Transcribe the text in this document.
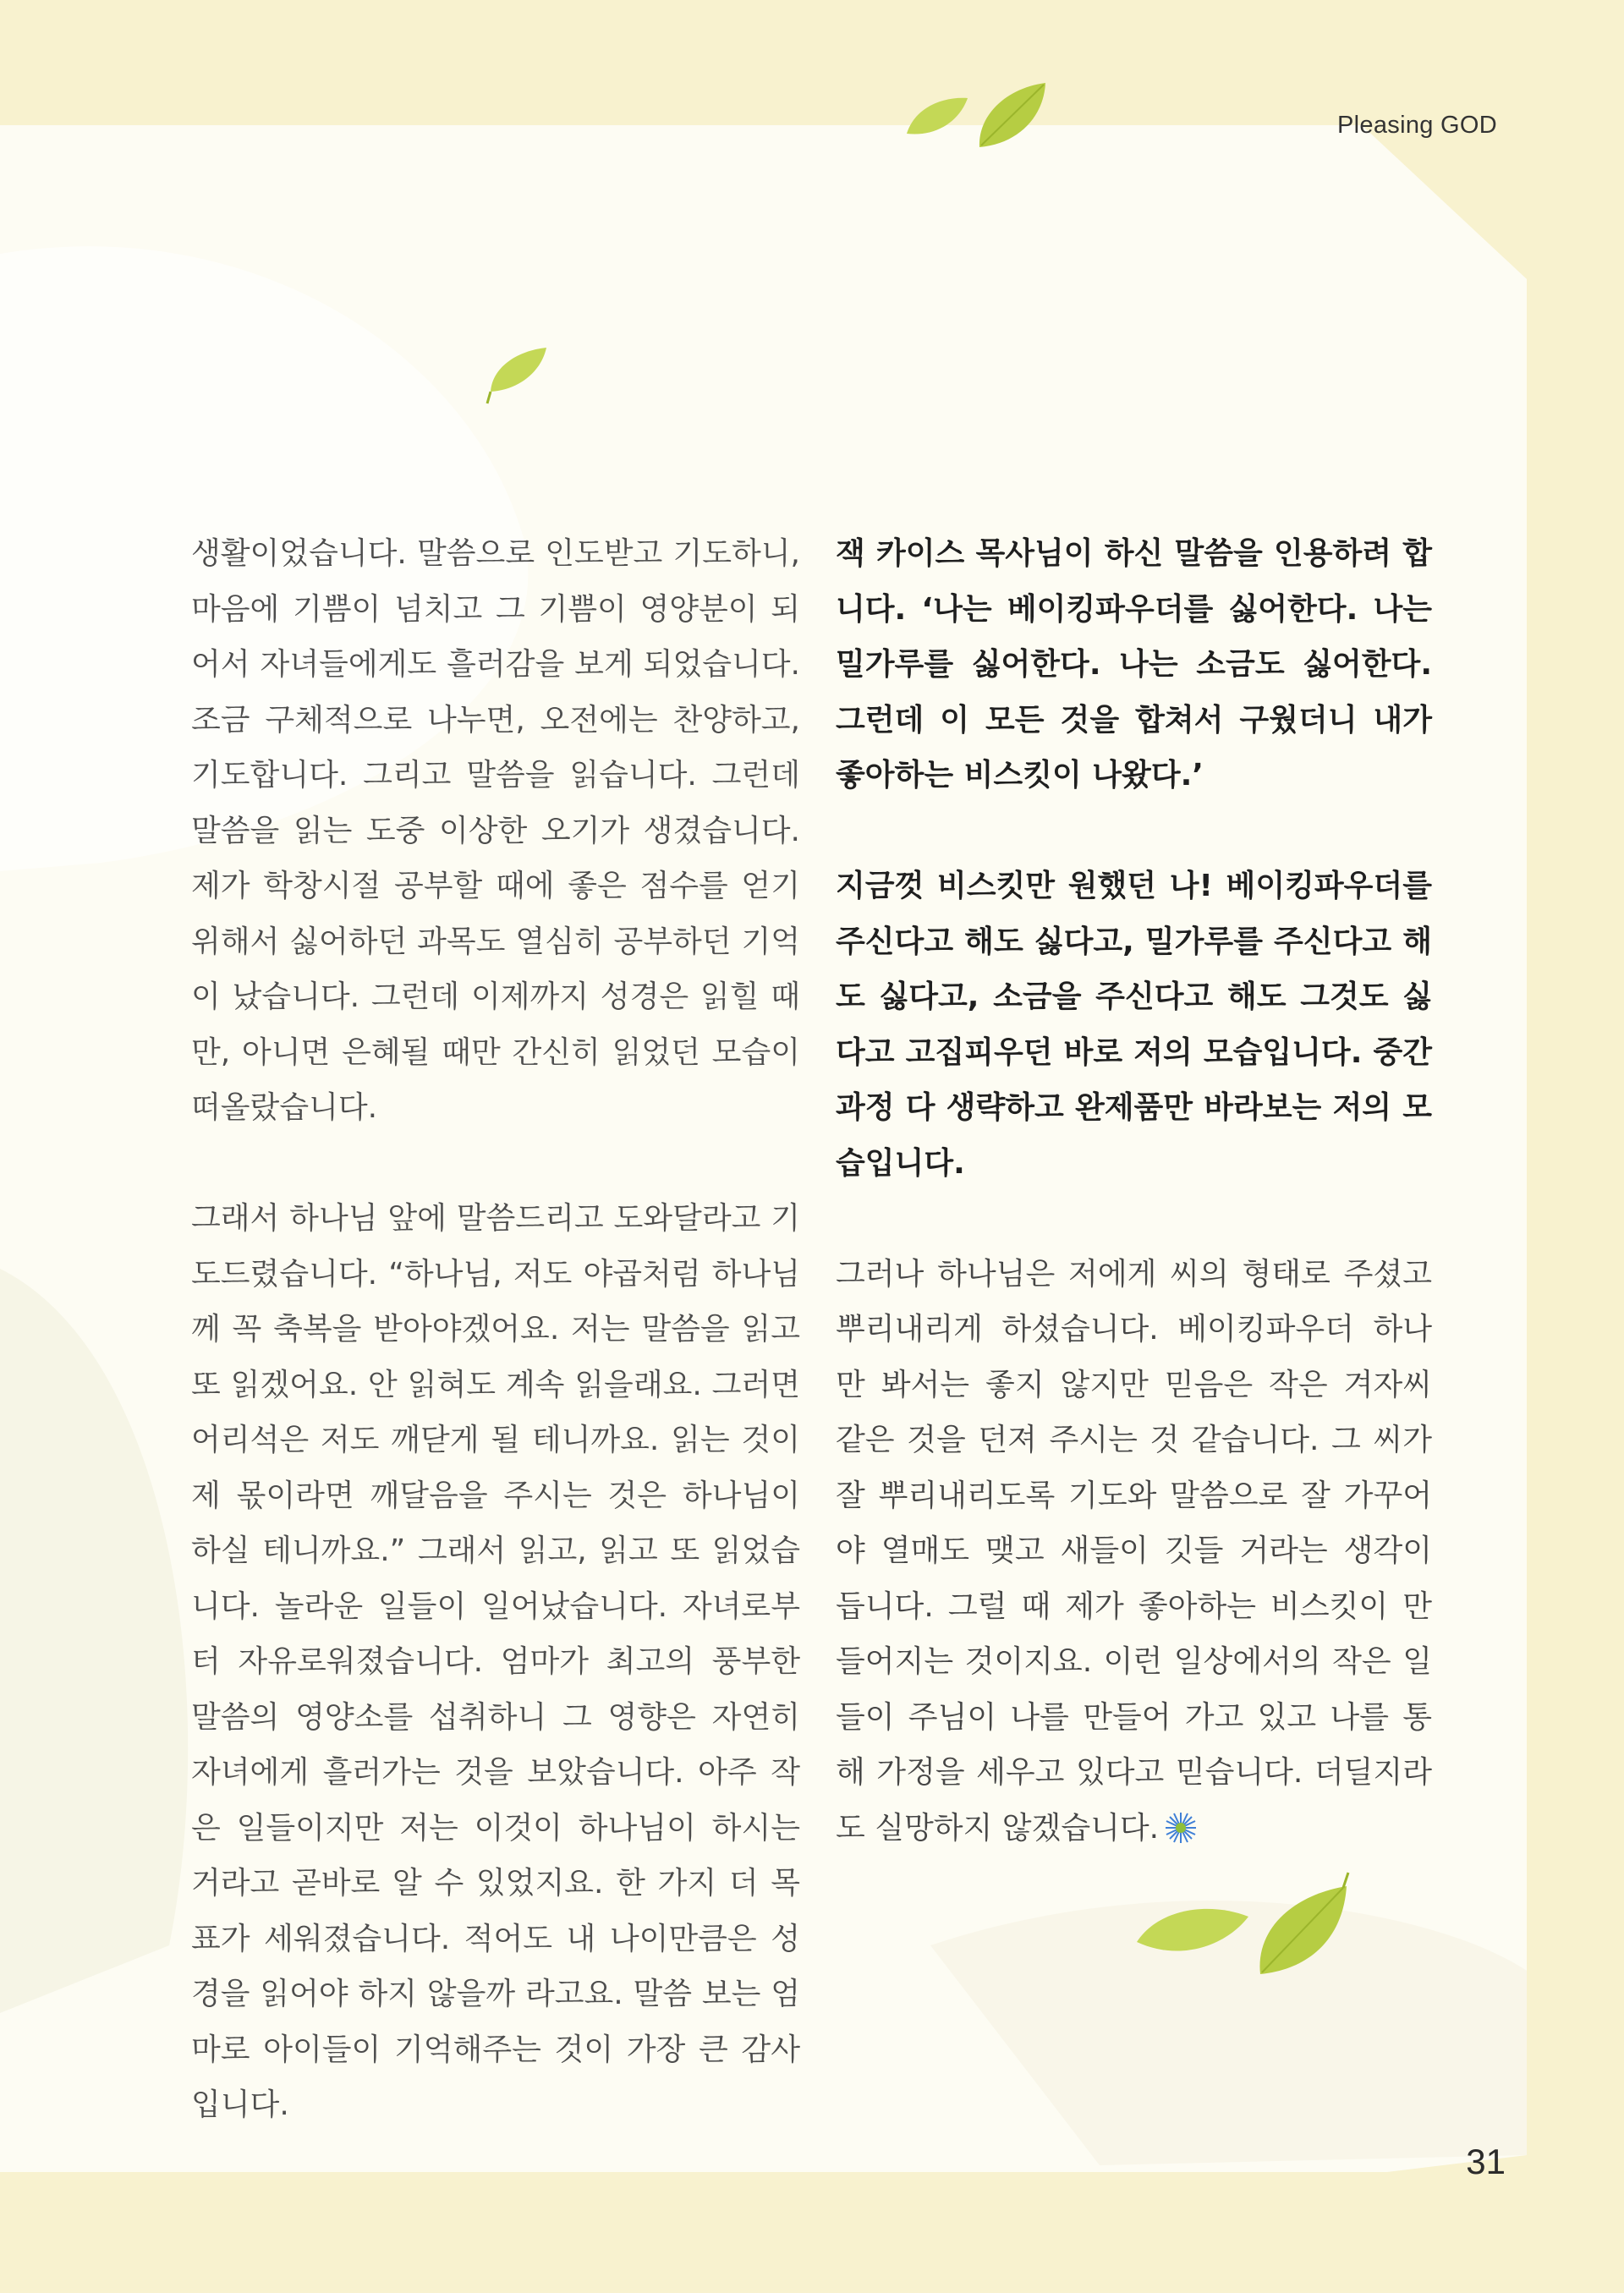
Pleasing GOD

생활이었습니다. 말씀으로 인도받고 기도하니, 마음에 기쁨이 넘치고 그 기쁨이 영양분이 되어서 자녀들에게도 흘러감을 보게 되었습니다. 조금 구체적으로 나누면, 오전에는 찬양하고, 기도합니다. 그리고 말씀을 읽습니다. 그런데 말씀을 읽는 도중 이상한 오기가 생겼습니다. 제가 학창시절 공부할 때에 좋은 점수를 얻기 위해서 싫어하던 과목도 열심히 공부하던 기억이 났습니다. 그런데 이제까지 성경은 읽힐 때만, 아니면 은혜될 때만 간신히 읽었던 모습이 떠올랐습니다.

그래서 하나님 앞에 말씀드리고 도와달라고 기도드렸습니다. “하나님, 저도 야곱처럼 하나님께 꼭 축복을 받아야겠어요. 저는 말씀을 읽고 또 읽겠어요. 안 읽혀도 계속 읽을래요. 그러면 어리석은 저도 깨닫게 될 테니까요. 읽는 것이 제 몫이라면 깨달음을 주시는 것은 하나님이 하실 테니까요.” 그래서 읽고, 읽고 또 읽었습니다. 놀라운 일들이 일어났습니다. 자녀로부터 자유로워졌습니다. 엄마가 최고의 풍부한 말씀의 영양소를 섭취하니 그 영향은 자연히 자녀에게 흘러가는 것을 보았습니다. 아주 작은 일들이지만 저는 이것이 하나님이 하시는 거라고 곧바로 알 수 있었지요. 한 가지 더 목표가 세워졌습니다. 적어도 내 나이만큼은 성경을 읽어야 하지 않을까 라고요. 말씀 보는 엄마로 아이들이 기억해주는 것이 가장 큰 감사입니다.

잭 카이스 목사님이 하신 말씀을 인용하려 합니다. ‘나는 베이킹파우더를 싫어한다. 나는 밀가루를 싫어한다. 나는 소금도 싫어한다. 그런데 이 모든 것을 합쳐서 구웠더니 내가 좋아하는 비스킷이 나왔다.’

지금껏 비스킷만 원했던 나! 베이킹파우더를 주신다고 해도 싫다고, 밀가루를 주신다고 해도 싫다고, 소금을 주신다고 해도 그것도 싫다고 고집피우던 바로 저의 모습입니다. 중간과정 다 생략하고 완제품만 바라보는 저의 모습입니다.

그러나 하나님은 저에게 씨의 형태로 주셨고 뿌리내리게 하셨습니다. 베이킹파우더 하나만 봐서는 좋지 않지만 믿음은 작은 겨자씨 같은 것을 던져 주시는 것 같습니다. 그 씨가 잘 뿌리내리도록 기도와 말씀으로 잘 가꾸어야 열매도 맺고 새들이 깃들 거라는 생각이 듭니다. 그럴 때 제가 좋아하는 비스킷이 만들어지는 것이지요. 이런 일상에서의 작은 일들이 주님이 나를 만들어 가고 있고 나를 통해 가정을 세우고 있다고 믿습니다. 더딜지라도 실망하지 않겠습니다.

31
